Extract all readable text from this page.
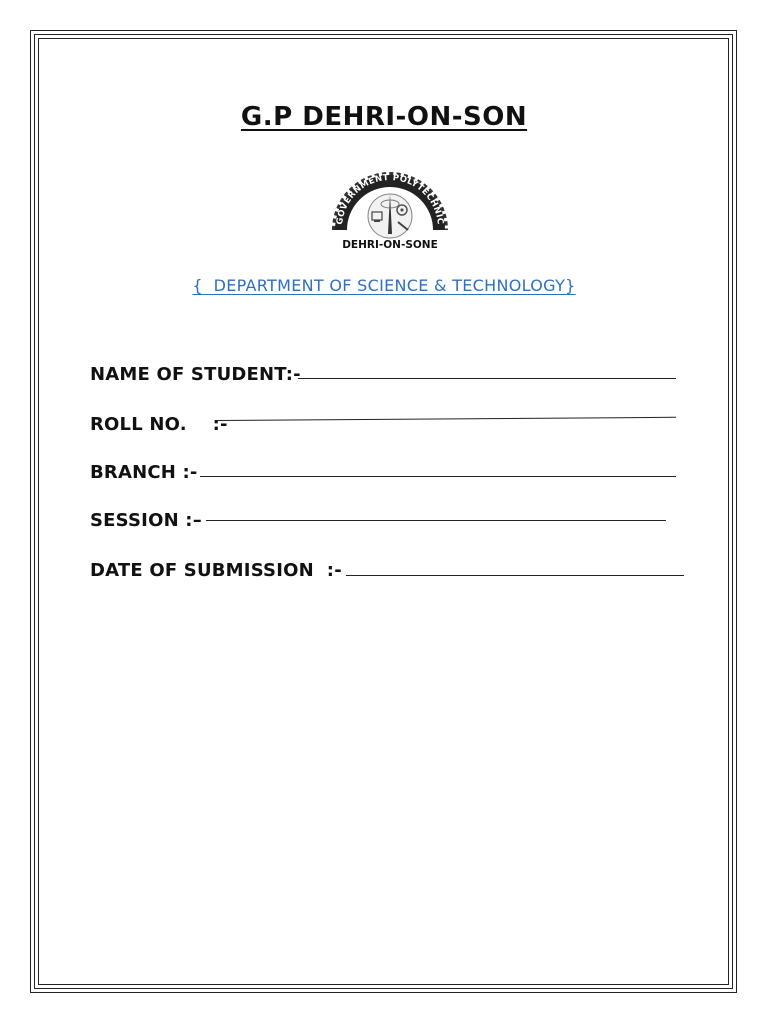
G.P DEHRI-ON-SON
GOVERNMENT POLYTECHNIC
DEHRI-ON-SONE
{  DEPARTMENT OF SCIENCE & TECHNOLOGY}
NAME OF STUDENT:-
ROLL NO.    :-
BRANCH :-
SESSION :–
DATE OF SUBMISSION  :-
